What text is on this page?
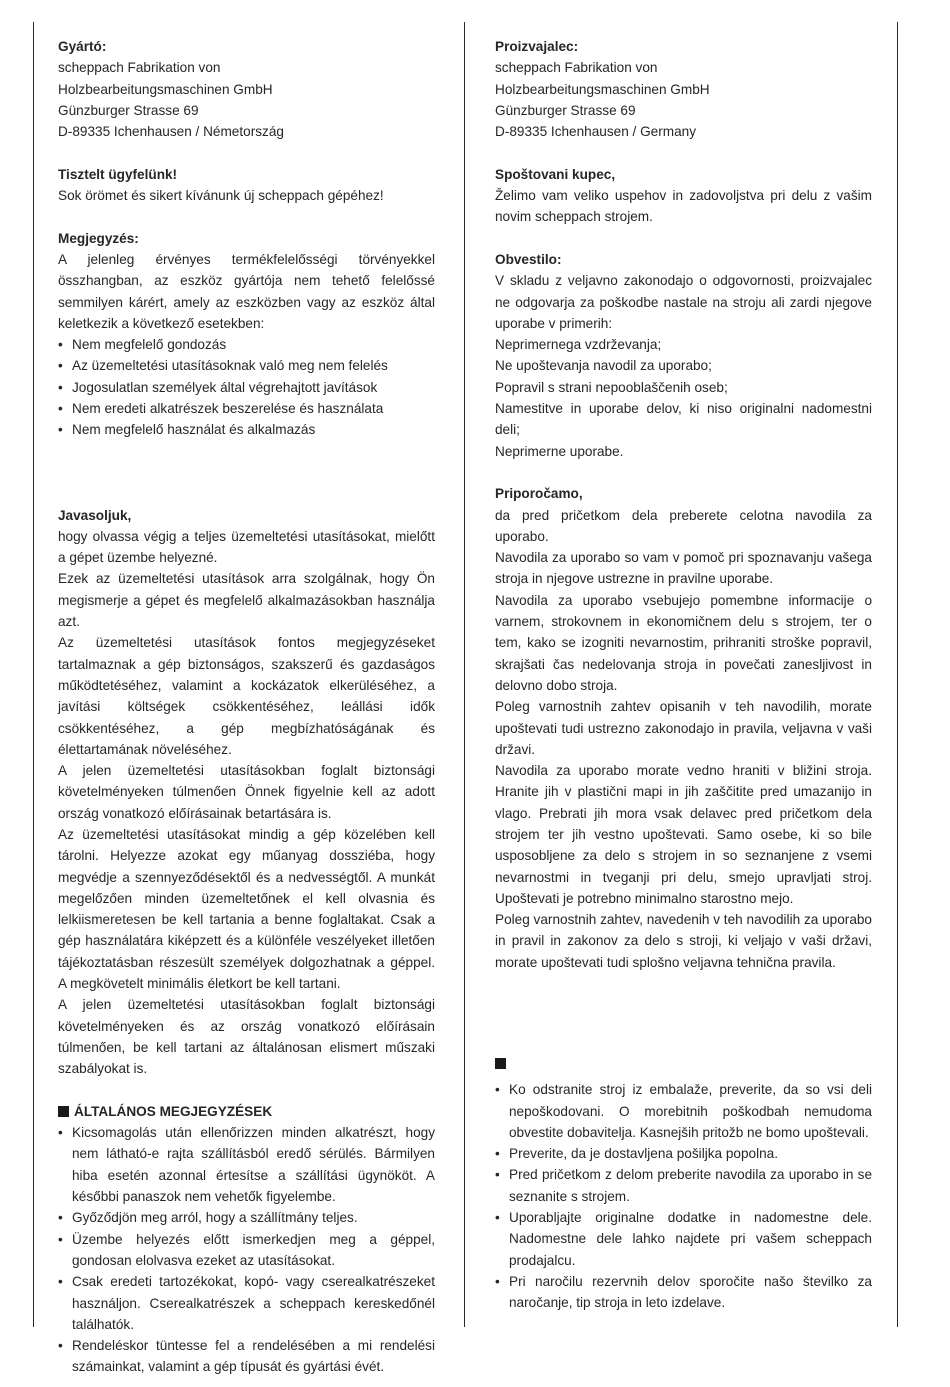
Gyártó:

scheppach Fabrikation von

Holzbearbeitungsmaschinen GmbH

Günzburger Strasse 69

D-89335 Ichenhausen / Németország

Tisztelt ügyfelünk!

Sok örömet és sikert kívánunk új scheppach gépéhez!

Megjegyzés:

A jelenleg érvényes termékfelelősségi törvényekkel összhangban, az eszköz gyártója nem tehető felelőssé semmilyen kárért, amely az eszközben vagy az eszköz által keletkezik a következő esetekben:

• Nem megfelelő gondozás
• Az üzemeltetési utasításoknak való meg nem felelés
• Jogosulatlan személyek által végrehajtott javítások
• Nem eredeti alkatrészek beszerelése és használata
• Nem megfelelő használat és alkalmazás

Javasoljuk,

hogy olvassa végig a teljes üzemeltetési utasításokat, mielőtt a gépet üzembe helyezné.

Ezek az üzemeltetési utasítások arra szolgálnak, hogy Ön megismerje a gépet és megfelelő alkalmazásokban használja azt.

Az üzemeltetési utasítások fontos megjegyzéseket tartalmaznak a gép biztonságos, szakszerű és gazdaságos működtetéséhez, valamint a kockázatok elkerüléséhez, a javítási költségek csökkentéséhez, leállási idők csökkentéséhez, a gép megbízhatóságának és élettartamának növeléséhez.

A jelen üzemeltetési utasításokban foglalt biztonsági követelményeken túlmenően Önnek figyelnie kell az adott ország vonatkozó előírásainak betartására is.

Az üzemeltetési utasításokat mindig a gép közelében kell tárolni. Helyezze azokat egy műanyag dossziéba, hogy megvédje a szennyeződésektől és a nedvességtől. A munkát megelőzően minden üzemeltetőnek el kell olvasnia és lelkiismeretesen be kell tartania a benne foglaltakat. Csak a gép használatára kiképzett és a különféle veszélyeket illetően tájékoztatásban részesült személyek dolgozhatnak a géppel. A megkövetelt minimális életkort be kell tartani.

A jelen üzemeltetési utasításokban foglalt biztonsági követelményeken és az ország vonatkozó előírásain túlmenően, be kell tartani az általánosan elismert műszaki szabályokat is.

ÁLTALÁNOS MEGJEGYZÉSEK

• Kicsomagolás után ellenőrizzen minden alkatrészt, hogy nem látható-e rajta szállításból eredő sérülés. Bármilyen hiba esetén azonnal értesítse a szállítási ügynököt. A későbbi panaszok nem vehetők figyelembe.
• Győződjön meg arról, hogy a szállítmány teljes.
• Üzembe helyezés előtt ismerkedjen meg a géppel, gondosan elolvasva ezeket az utasításokat.
• Csak eredeti tartozékokat, kopó- vagy cserealkatrészeket használjon. Cserealkatrészek a scheppach kereskedőnél találhatók.
• Rendeléskor tüntesse fel a rendelésében a mi rendelési számainkat, valamint a gép típusát és gyártási évét.

Proizvajalec:

scheppach Fabrikation von

Holzbearbeitungsmaschinen GmbH

Günzburger Strasse 69

D-89335 Ichenhausen / Germany

Spoštovani kupec,

Želimo vam veliko uspehov in zadovoljstva pri delu z vašim novim scheppach strojem.

Obvestilo:

V skladu z veljavno zakonodajo o odgovornosti, proizvajalec ne odgovarja za poškodbe nastale na stroju ali zardi njegove uporabe v primerih:

Neprimernega vzdrževanja;

Ne upoštevanja navodil za uporabo;

Popravil s strani nepooblaščenih oseb;

Namestitve in uporabe delov, ki niso originalni nadomestni deli;

Neprimerne uporabe.

Priporočamo,

da pred pričetkom dela preberete celotna navodila za uporabo.

Navodila za uporabo so vam v pomoč pri spoznavanju vašega stroja in njegove ustrezne in pravilne uporabe.

Navodila za uporabo vsebujejo pomembne informacije o varnem, strokovnem in ekonomičnem delu s strojem, ter o tem, kako se izogniti nevarnostim, prihraniti stroške popravil, skrajšati čas nedelovanja stroja in povečati zanesljivost in delovno dobo stroja.

Poleg varnostnih zahtev opisanih v teh navodilih, morate upoštevati tudi ustrezno zakonodajo in pravila, veljavna v vaši državi.

Navodila za uporabo morate vedno hraniti v bližini stroja. Hranite jih v plastični mapi in jih zaščitite pred umazanijo in vlago. Prebrati jih mora vsak delavec pred pričetkom dela strojem ter jih vestno upoštevati. Samo osebe, ki so bile usposobljene za delo s strojem in so seznanjene z vsemi nevarnostmi in tveganji pri delu, smejo upravljati stroj. Upoštevati je potrebno minimalno starostno mejo.

Poleg varnostnih zahtev, navedenih v teh navodilih za uporabo in pravil in zakonov za delo s stroji, ki veljajo v vaši državi, morate upoštevati tudi splošno veljavna tehnična pravila.

• Ko odstranite stroj iz embalaže, preverite, da so vsi deli nepoškodovani. O morebitnih poškodbah nemudoma obvestite dobavitelja. Kasnejših pritožb ne bomo upoštevali.
• Preverite, da je dostavljena pošiljka popolna.
• Pred pričetkom z delom preberite navodila za uporabo in se seznanite s strojem.
• Uporabljajte originalne dodatke in nadomestne dele. Nadomestne dele lahko najdete pri vašem scheppach prodajalcu.
• Pri naročilu rezervnih delov sporočite našo številko za naročanje, tip stroja in leto izdelave.
